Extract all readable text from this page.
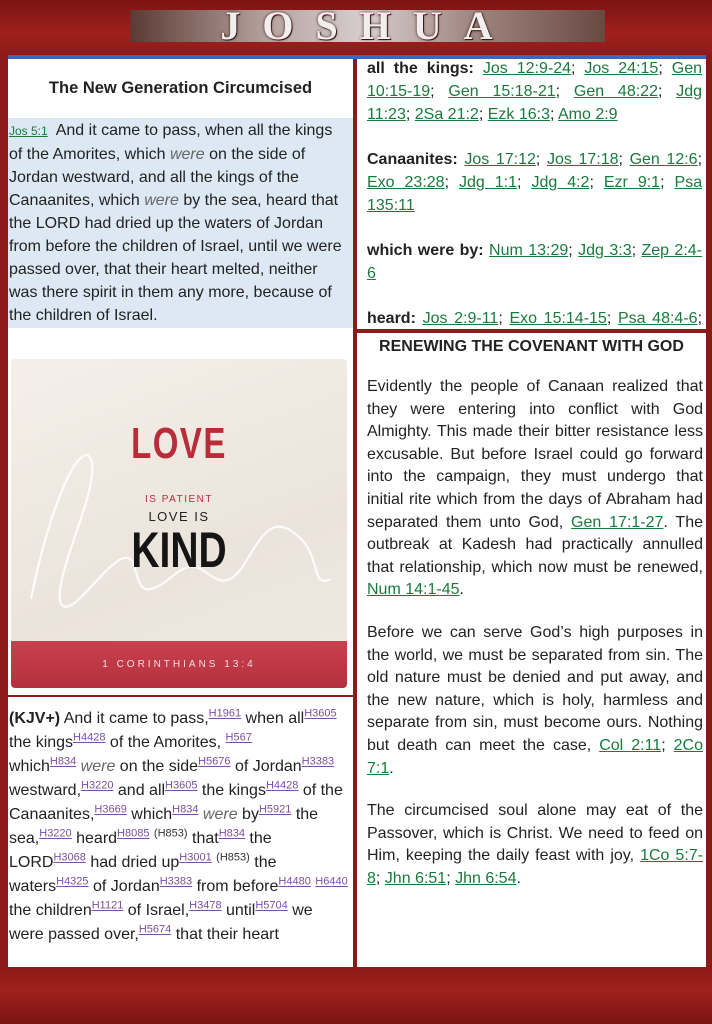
JOSHUA
The New Generation Circumcised
Jos 5:1 And it came to pass, when all the kings of the Amorites, which were on the side of Jordan westward, and all the kings of the Canaanites, which were by the sea, heard that the LORD had dried up the waters of Jordan from before the children of Israel, until we were passed over, that their heart melted, neither was there spirit in them any more, because of the children of Israel.
LOVE
IS PATIENT
LOVE IS
KIND
1 CORINTHIANS 13:4
(KJV+) And it came to pass,$^{H1961}$ when all$^{H3605}$ the kings$^{H4428}$ of the Amorites, $^{H567}$ which$^{H834}$ were on the side$^{H5676}$ of Jordan$^{H3383}$ westward,$^{H3220}$ and all$^{H3605}$ the kings$^{H4428}$ of the Canaanites,$^{H3669}$ which$^{H834}$ were $by^{H5921}$ the sea,$^{H3220}$ heard$^{H8085}$ $^{(H853)}$ that$^{H834}$ the $LORD^{H3068}$ had dried $up^{H3001}$ $^{(H853)}$ the waters$^{H4325}$ of Jordan$^{H3383}$ from before$^{H4480}$ $^{H6440}$ the children$^{H1121}$ of Israel,$^{H3478}$ until$^{H5704}$ we were passed over,$^{H5674}$ that their heart

all the kings: Jos 12:9-24; Jos 24:15; Gen 10:15-19; Gen 15:18-21; Gen 48:22; Jdg 11:23; 2Sa 21:2; Ezk 16:3; Amo 2:9

Canaanites: Jos 17:12; Jos 17:18; Gen 12:6; Exo 23:28; Jdg 1:1; Jdg 4:2; Ezr 9:1; Psa 135:11

which were by: Num 13:29; Jdg 3:3; Zep 2:4-6

heard: Jos 2:9-11; Exo 15:14-15; Psa 48:4-6;

RENEWING THE COVENANT WITH GOD

Evidently the people of Canaan realized that they were entering into conflict with God Almighty. This made their bitter resistance less excusable. But before Israel could go forward into the campaign, they must undergo that initial rite which from the days of Abraham had separated them unto God, Gen 17:1-27. The outbreak at Kadesh had practically annulled that relationship, which now must be renewed, Num 14:1-45.

Before we can serve God’s high purposes in the world, we must be separated from sin. The old nature must be denied and put away, and the new nature, which is holy, harmless and separate from sin, must become ours. Nothing but death can meet the case, Col 2:11; 2Co 7:1.

The circumcised soul alone may eat of the Passover, which is Christ. We need to feed on Him, keeping the daily feast with joy, 1Co 5:7-8; Jhn 6:51; Jhn 6:54.
